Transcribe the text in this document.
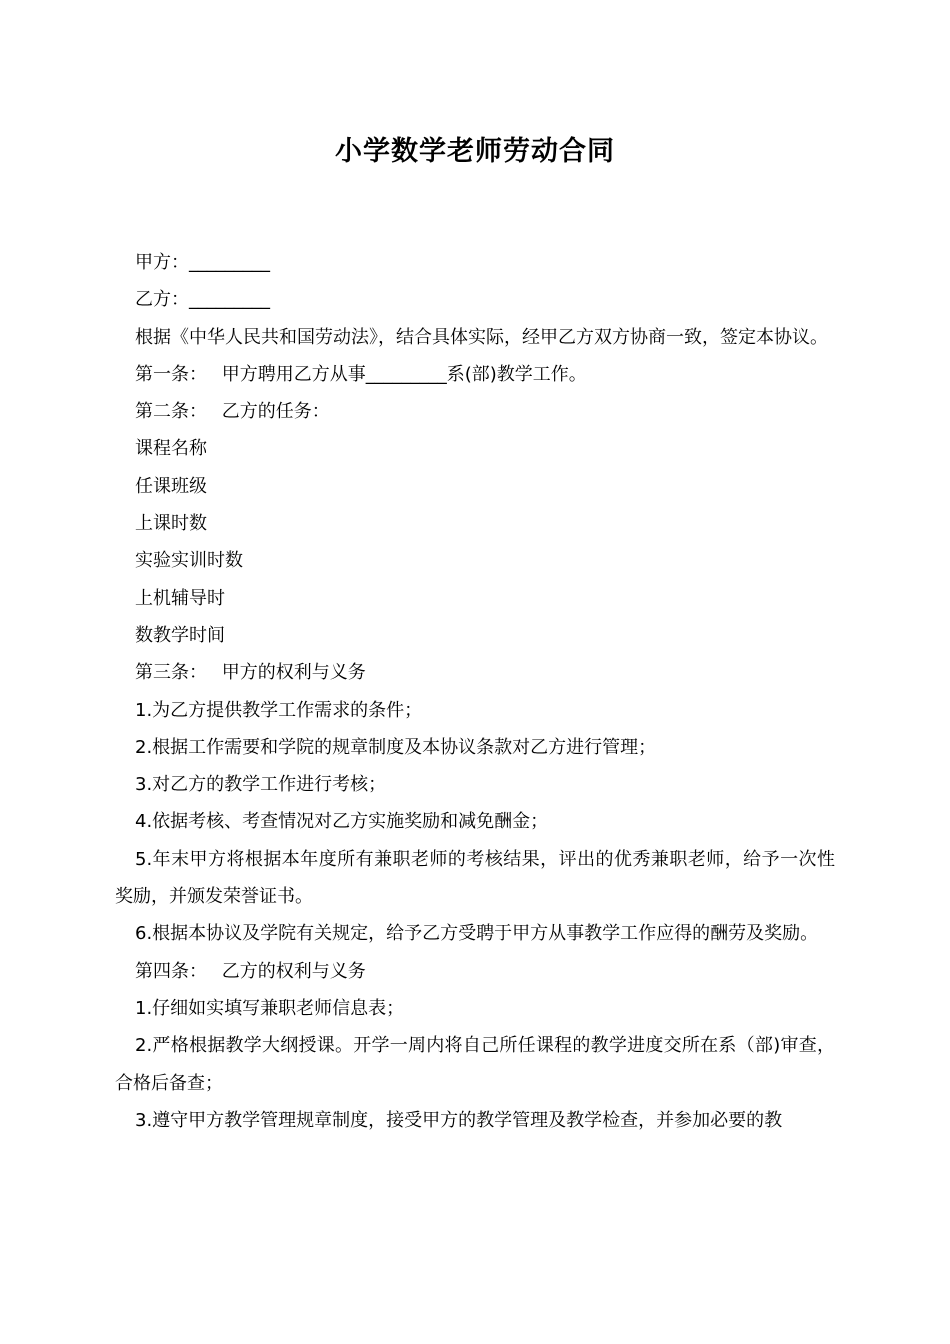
小学数学老师劳动合同

甲方：_________

乙方：_________

根据《中华人民共和国劳动法》，结合具体实际，经甲乙方双方协商一致，签定本协议。

第一条：　 甲方聘用乙方从事_________系(部)教学工作。

第二条：　 乙方的任务：

课程名称

任课班级

上课时数

实验实训时数

上机辅导时

数教学时间

第三条：　 甲方的权利与义务

1.为乙方提供教学工作需求的条件；

2.根据工作需要和学院的规章制度及本协议条款对乙方进行管理；

3.对乙方的教学工作进行考核；

4.依据考核、考查情况对乙方实施奖励和减免酬金；

5.年末甲方将根据本年度所有兼职老师的考核结果，评出的优秀兼职老师，给予一次性奖励，并颁发荣誉证书。

6.根据本协议及学院有关规定，给予乙方受聘于甲方从事教学工作应得的酬劳及奖励。

第四条：　 乙方的权利与义务

1.仔细如实填写兼职老师信息表；

2.严格根据教学大纲授课。开学一周内将自己所任课程的教学进度交所在系（部)审查，合格后备查；

3.遵守甲方教学管理规章制度，接受甲方的教学管理及教学检查，并参加必要的教
